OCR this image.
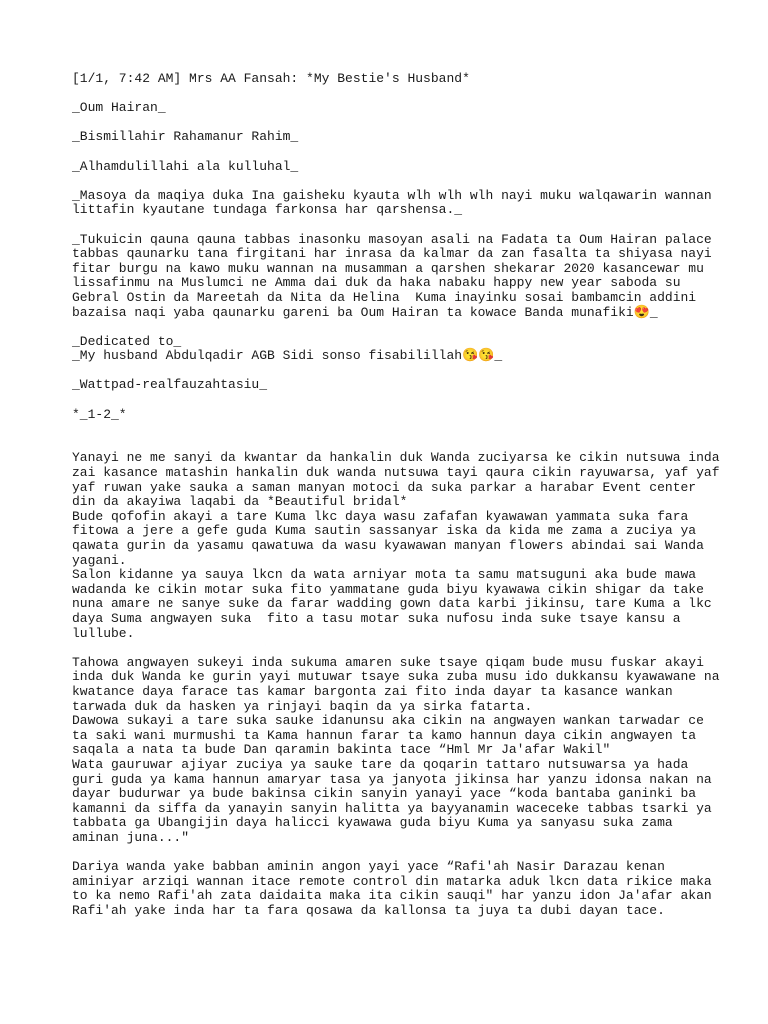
[1/1, 7:42 AM] Mrs AA Fansah: *My Bestie's Husband*

_Oum Hairan_

_Bismillahir Rahamanur Rahim_

_Alhamdulillahi ala kulluhal_

_Masoya da maqiya duka Ina gaisheku kyauta wlh wlh wlh nayi muku walqawarin wannan

littafin kyautane tundaga farkonsa har qarshensa._

_Tukuicin qauna qauna tabbas inasonku masoyan asali na Fadata ta Oum Hairan palace

tabbas qaunarku tana firgitani har inrasa da kalmar da zan fasalta ta shiyasa nayi

fitar burgu na kawo muku wannan na musamman a qarshen shekarar 2020 kasancewar mu

lissafinmu na Muslumci ne Amma dai duk da haka nabaku happy new year saboda su

Gebral Ostin da Mareetah da Nita da Helina  Kuma inayinku sosai bambamcin addini

bazaisa naqi yaba qaunarku gareni ba Oum Hairan ta kowace Banda munafiki😍_

_Dedicated to_

_My husband Abdulqadir AGB Sidi sonso fisabilillah😘😘_

_Wattpad-realfauzahtasiu_

*_1-2_*

Yanayi ne me sanyi da kwantar da hankalin duk Wanda zuciyarsa ke cikin nutsuwa inda

zai kasance matashin hankalin duk wanda nutsuwa tayi qaura cikin rayuwarsa, yaf yaf

yaf ruwan yake sauka a saman manyan motoci da suka parkar a harabar Event center

din da akayiwa laqabi da *Beautiful bridal*

Bude qofofin akayi a tare Kuma lkc daya wasu zafafan kyawawan yammata suka fara

fitowa a jere a gefe guda Kuma sautin sassanyar iska da kida me zama a zuciya ya

qawata gurin da yasamu qawatuwa da wasu kyawawan manyan flowers abindai sai Wanda

yagani.

Salon kidanne ya sauya lkcn da wata arniyar mota ta samu matsuguni aka bude mawa

wadanda ke cikin motar suka fito yammatane guda biyu kyawawa cikin shigar da take

nuna amare ne sanye suke da farar wadding gown data karbi jikinsu, tare Kuma a lkc

daya Suma angwayen suka  fito a tasu motar suka nufosu inda suke tsaye kansu a

lullube.

Tahowa angwayen sukeyi inda sukuma amaren suke tsaye qiqam bude musu fuskar akayi

inda duk Wanda ke gurin yayi mutuwar tsaye suka zuba musu ido dukkansu kyawawane na

kwatance daya farace tas kamar bargonta zai fito inda dayar ta kasance wankan

tarwada duk da hasken ya rinjayi baqin da ya sirka fatarta.

Dawowa sukayi a tare suka sauke idanunsu aka cikin na angwayen wankan tarwadar ce

ta saki wani murmushi ta Kama hannun farar ta kamo hannun daya cikin angwayen ta

saqala a nata ta bude Dan qaramin bakinta tace “Hml Mr Ja'afar Wakil"

Wata gauruwar ajiyar zuciya ya sauke tare da qoqarin tattaro nutsuwarsa ya hada

guri guda ya kama hannun amaryar tasa ya janyota jikinsa har yanzu idonsa nakan na

dayar budurwar ya bude bakinsa cikin sanyin yanayi yace “koda bantaba ganinki ba

kamanni da siffa da yanayin sanyin halitta ya bayyanamin waceceke tabbas tsarki ya

tabbata ga Ubangijin daya halicci kyawawa guda biyu Kuma ya sanyasu suka zama

aminan juna..."

Dariya wanda yake babban aminin angon yayi yace “Rafi'ah Nasir Darazau kenan

aminiyar arziqi wannan itace remote control din matarka aduk lkcn data rikice maka

to ka nemo Rafi'ah zata daidaita maka ita cikin sauqi" har yanzu idon Ja'afar akan

Rafi'ah yake inda har ta fara qosawa da kallonsa ta juya ta dubi dayan tace.
